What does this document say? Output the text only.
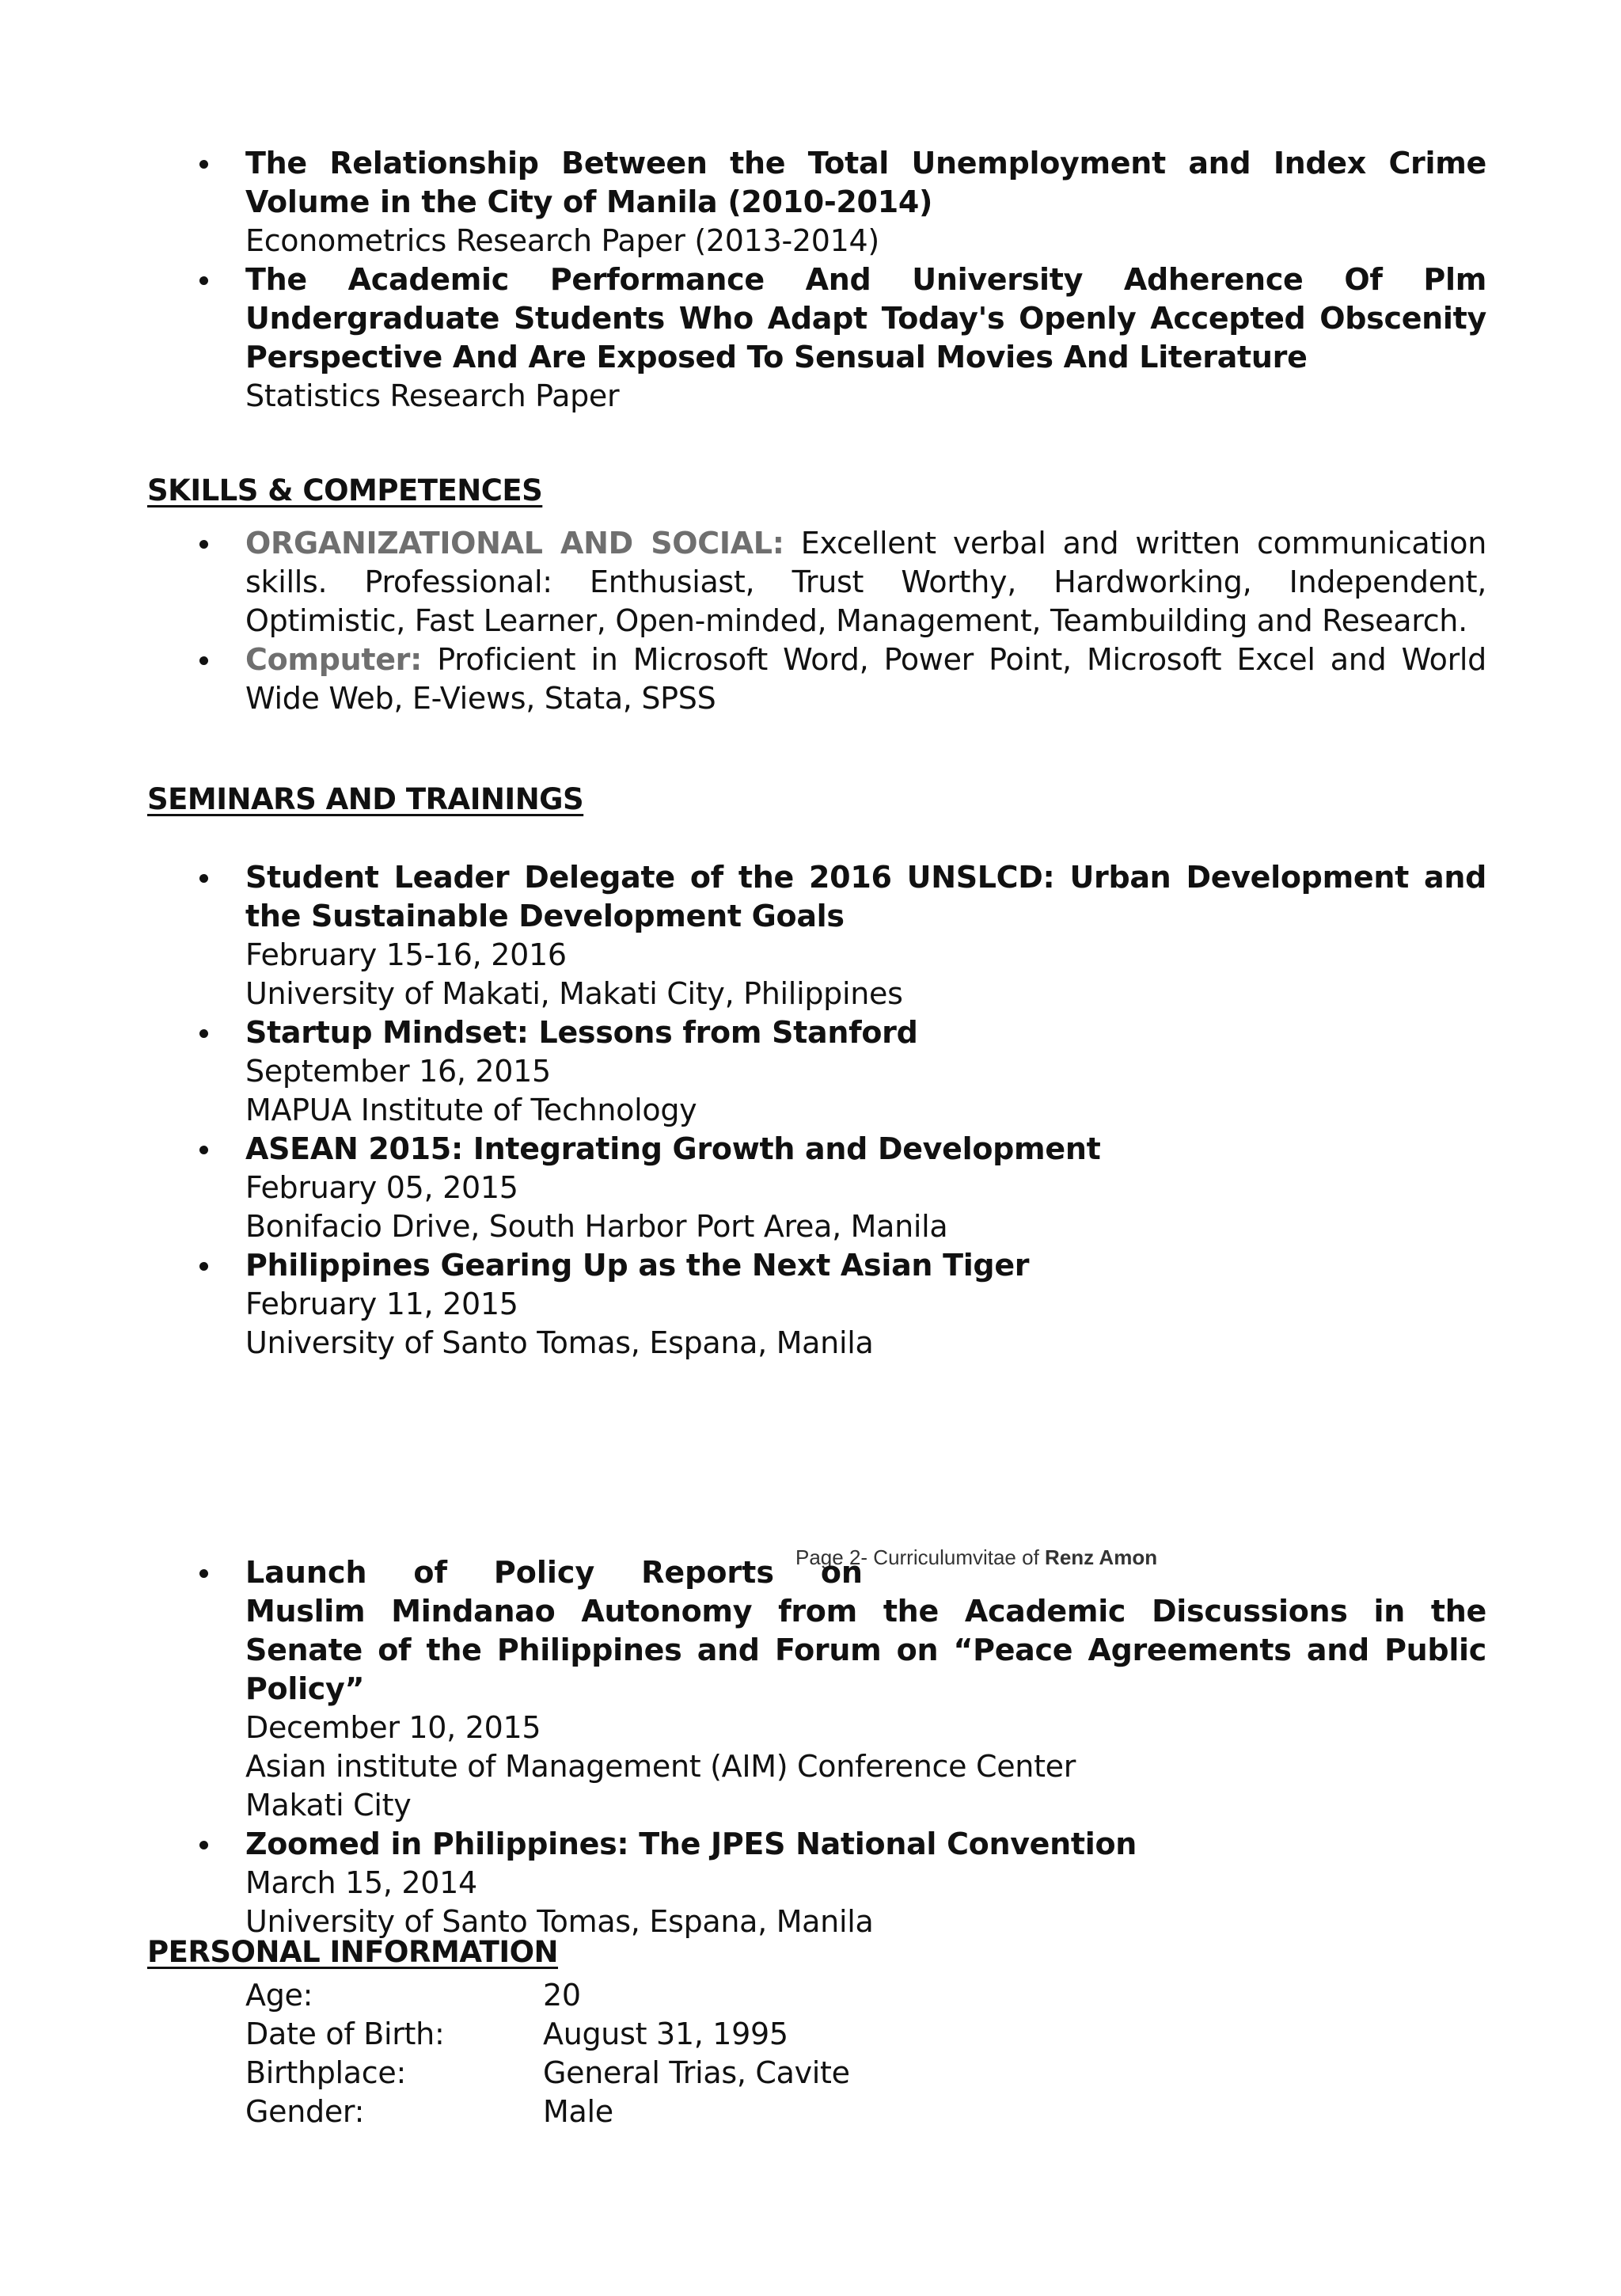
The Relationship Between the Total Unemployment and Index Crime Volume in the City of Manila (2010-2014)
Econometrics Research Paper (2013-2014)
The Academic Performance And University Adherence Of Plm Undergraduate Students Who Adapt Today's Openly Accepted Obscenity Perspective And Are Exposed To Sensual Movies And Literature
Statistics Research Paper
SKILLS & COMPETENCES
ORGANIZATIONAL AND SOCIAL: Excellent verbal and written communication skills. Professional: Enthusiast, Trust Worthy, Hardworking, Independent, Optimistic, Fast Learner, Open-minded, Management, Teambuilding and Research.
Computer: Proficient in Microsoft Word, Power Point, Microsoft Excel and World Wide Web, E-Views, Stata, SPSS
SEMINARS AND TRAININGS
Student Leader Delegate of the 2016 UNSLCD: Urban Development and the Sustainable Development Goals
February 15-16, 2016
University of Makati, Makati City, Philippines
Startup Mindset: Lessons from Stanford
September 16, 2015
MAPUA Institute of Technology
ASEAN 2015: Integrating Growth and Development
February 05, 2015
Bonifacio Drive, South Harbor Port Area, Manila
Philippines Gearing Up as the Next Asian Tiger
February 11, 2015
University of Santo Tomas, Espana, Manila
Page 2- Curriculumvitae of Renz Amon
Launch of Policy Reports on
Muslim Mindanao Autonomy from the Academic Discussions in the Senate of the Philippines and Forum on “Peace Agreements and Public Policy”
December 10, 2015
Asian institute of Management (AIM) Conference Center
Makati City
Zoomed in Philippines: The JPES National Convention
March 15, 2014
University of Santo Tomas, Espana, Manila
PERSONAL INFORMATION
Age:	20
Date of Birth:	August 31, 1995
Birthplace:	General Trias, Cavite
Gender:	Male
